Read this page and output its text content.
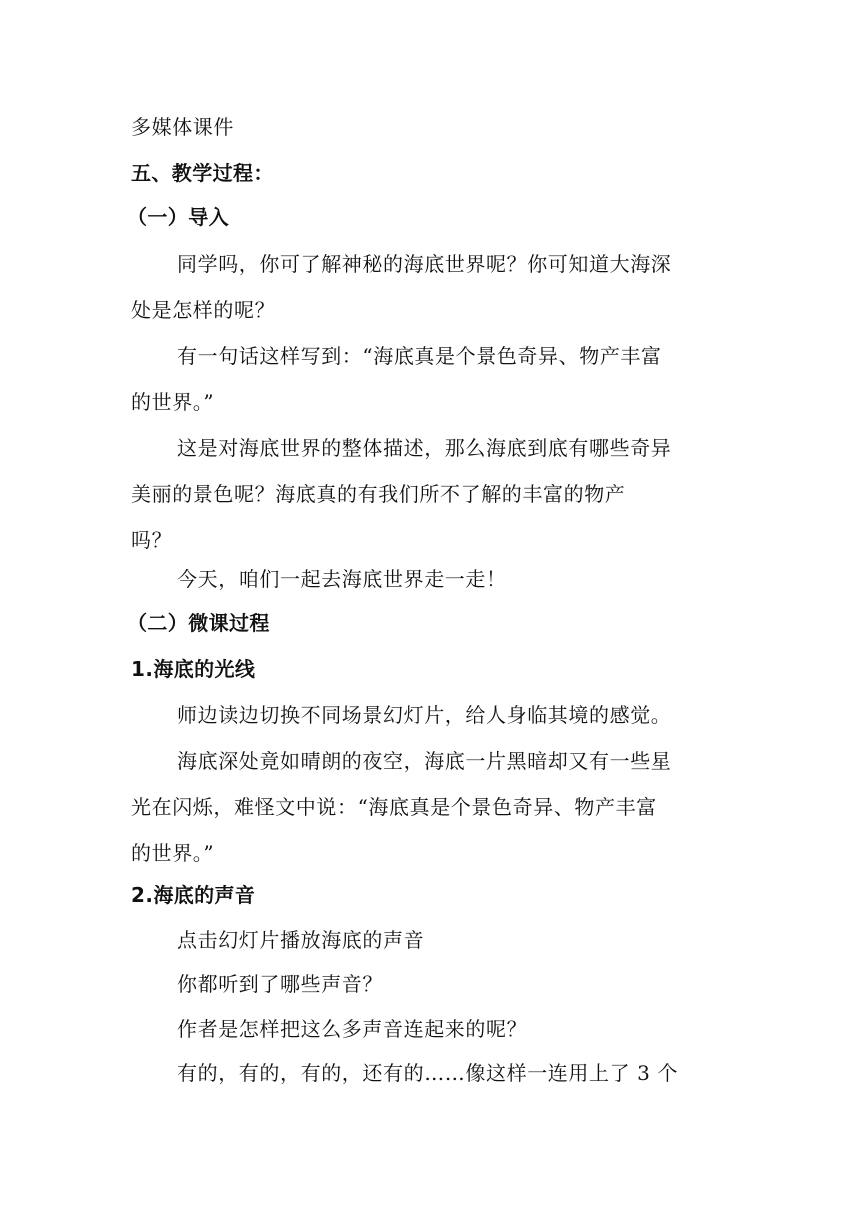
多媒体课件
五、教学过程：
（一）导入
同学吗，你可了解神秘的海底世界呢？你可知道大海深
处是怎样的呢？
有一句话这样写到：“海底真是个景色奇异、物产丰富
的世界。”
这是对海底世界的整体描述，那么海底到底有哪些奇异
美丽的景色呢？海底真的有我们所不了解的丰富的物产
吗？
今天，咱们一起去海底世界走一走！
（二）微课过程
1.海底的光线
师边读边切换不同场景幻灯片，给人身临其境的感觉。
海底深处竟如晴朗的夜空，海底一片黑暗却又有一些星
光在闪烁，难怪文中说：“海底真是个景色奇异、物产丰富
的世界。”
2.海底的声音
点击幻灯片播放海底的声音
你都听到了哪些声音？
作者是怎样把这么多声音连起来的呢？
有的，有的，有的，还有的……像这样一连用上了 3 个
